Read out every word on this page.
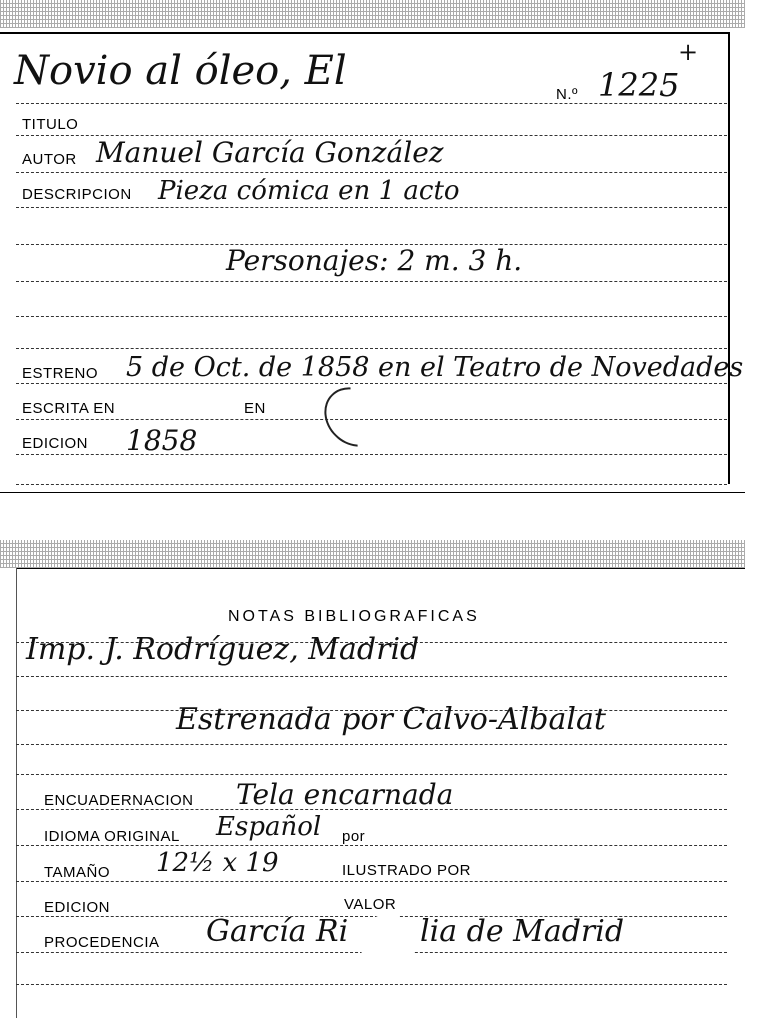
Novio al óleo, El
N.º 1225
+
TITULO
AUTOR Manuel García González
DESCRIPCION Pieza cómica en 1 acto
Personajes: 2 m. 3 h.
ESTRENO 5 de Oct. de 1858 en el Teatro de Novedades
ESCRITA EN	EN
EDICION 1858
NOTAS BIBLIOGRAFICAS
Imp. J. Rodríguez, Madrid
Estrenada por Calvo-Albalat
ENCUADERNACION Tela encarnada
IDIOMA ORIGINAL Español por
TAMAÑO 12½ x 19	ILUSTRADO POR
EDICION	VALOR
PROCEDENCIA García Ri lia de Madrid
